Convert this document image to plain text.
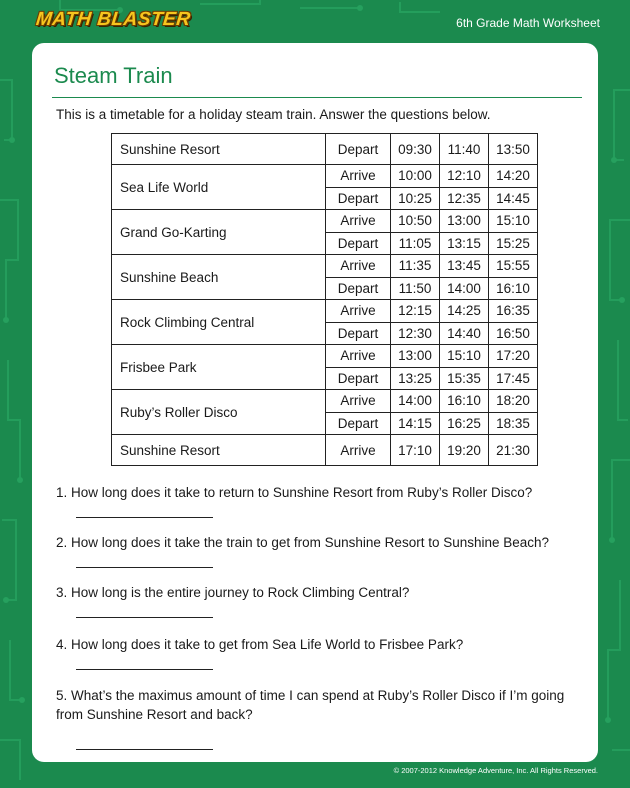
MATH BLASTER	6th Grade Math Worksheet
Steam Train
This is a timetable for a holiday steam train. Answer the questions below.
Sunshine Resort	Depart	09:30	11:40	13:50
Sea Life World	Arrive	10:00	12:10	14:20
	Depart	10:25	12:35	14:45
Grand Go-Karting	Arrive	10:50	13:00	15:10
	Depart	11:05	13:15	15:25
Sunshine Beach	Arrive	11:35	13:45	15:55
	Depart	11:50	14:00	16:10
Rock Climbing Central	Arrive	12:15	14:25	16:35
	Depart	12:30	14:40	16:50
Frisbee Park	Arrive	13:00	15:10	17:20
	Depart	13:25	15:35	17:45
Ruby’s Roller Disco	Arrive	14:00	16:10	18:20
	Depart	14:15	16:25	18:35
Sunshine Resort	Arrive	17:10	19:20	21:30
1. How long does it take to return to Sunshine Resort from Ruby’s Roller Disco?
2. How long does it take the train to get from Sunshine Resort to Sunshine Beach?
3. How long is the entire journey to Rock Climbing Central?
4. How long does it take to get from Sea Life World to Frisbee Park?
5. What’s the maximus amount of time I can spend at Ruby’s Roller Disco if I’m going from Sunshine Resort and back?
© 2007-2012 Knowledge Adventure, Inc. All Rights Reserved.
